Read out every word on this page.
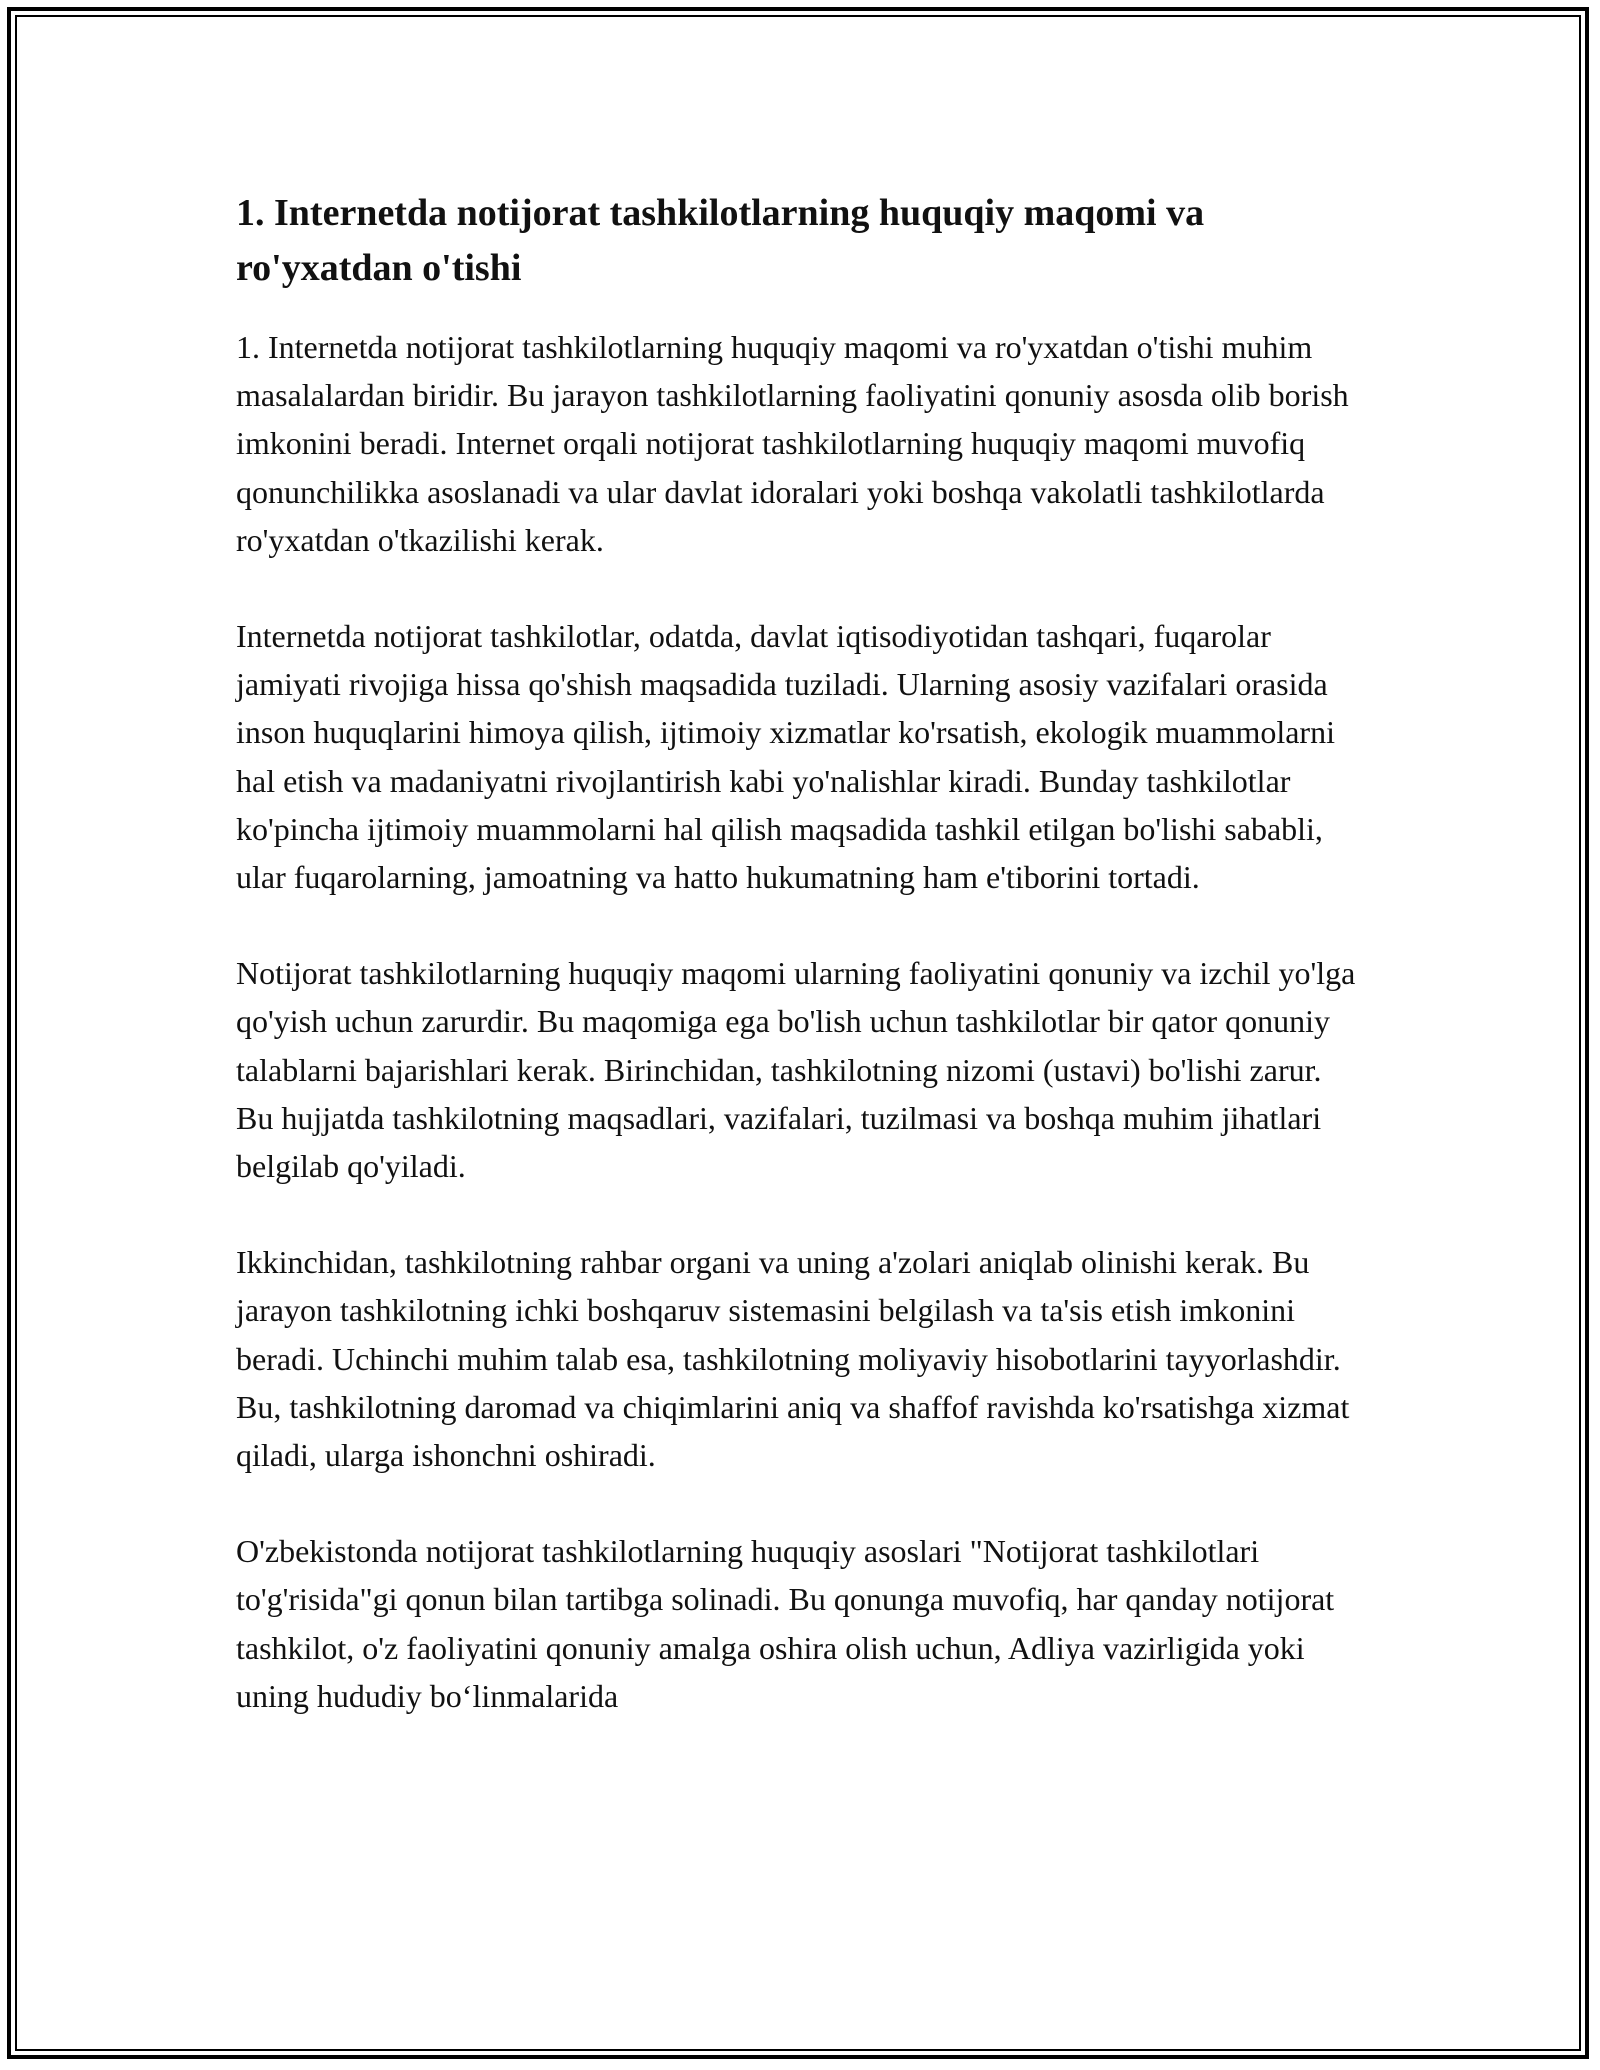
1. Internetda notijorat tashkilotlarning huquqiy maqomi va ro'yxatdan o'tishi

1. Internetda notijorat tashkilotlarning huquqiy maqomi va ro'yxatdan o'tishi muhim masalalardan biridir. Bu jarayon tashkilotlarning faoliyatini qonuniy asosda olib borish imkonini beradi. Internet orqali notijorat tashkilotlarning huquqiy maqomi muvofiq qonunchilikka asoslanadi va ular davlat idoralari yoki boshqa vakolatli tashkilotlarda ro'yxatdan o'tkazilishi kerak.

Internetda notijorat tashkilotlar, odatda, davlat iqtisodiyotidan tashqari, fuqarolar jamiyati rivojiga hissa qo'shish maqsadida tuziladi. Ularning asosiy vazifalari orasida inson huquqlarini himoya qilish, ijtimoiy xizmatlar ko'rsatish, ekologik muammolarni hal etish va madaniyatni rivojlantirish kabi yo'nalishlar kiradi. Bunday tashkilotlar ko'pincha ijtimoiy muammolarni hal qilish maqsadida tashkil etilgan bo'lishi sababli, ular fuqarolarning, jamoatning va hatto hukumatning ham e'tiborini tortadi.

Notijorat tashkilotlarning huquqiy maqomi ularning faoliyatini qonuniy va izchil yo'lga qo'yish uchun zarurdir. Bu maqomiga ega bo'lish uchun tashkilotlar bir qator qonuniy talablarni bajarishlari kerak. Birinchidan, tashkilotning nizomi (ustavi) bo'lishi zarur. Bu hujjatda tashkilotning maqsadlari, vazifalari, tuzilmasi va boshqa muhim jihatlari belgilab qo'yiladi.

Ikkinchidan, tashkilotning rahbar organi va uning a'zolari aniqlab olinishi kerak. Bu jarayon tashkilotning ichki boshqaruv sistemasini belgilash va ta'sis etish imkonini beradi. Uchinchi muhim talab esa, tashkilotning moliyaviy hisobotlarini tayyorlashdir. Bu, tashkilotning daromad va chiqimlarini aniq va shaffof ravishda ko'rsatishga xizmat qiladi, ularga ishonchni oshiradi.

O'zbekistonda notijorat tashkilotlarning huquqiy asoslari "Notijorat tashkilotlari to'g'risida"gi qonun bilan tartibga solinadi. Bu qonunga muvofiq, har qanday notijorat tashkilot, o'z faoliyatini qonuniy amalga oshira olish uchun, Adliya vazirligida yoki uning hududiy bo‘linmalarida
